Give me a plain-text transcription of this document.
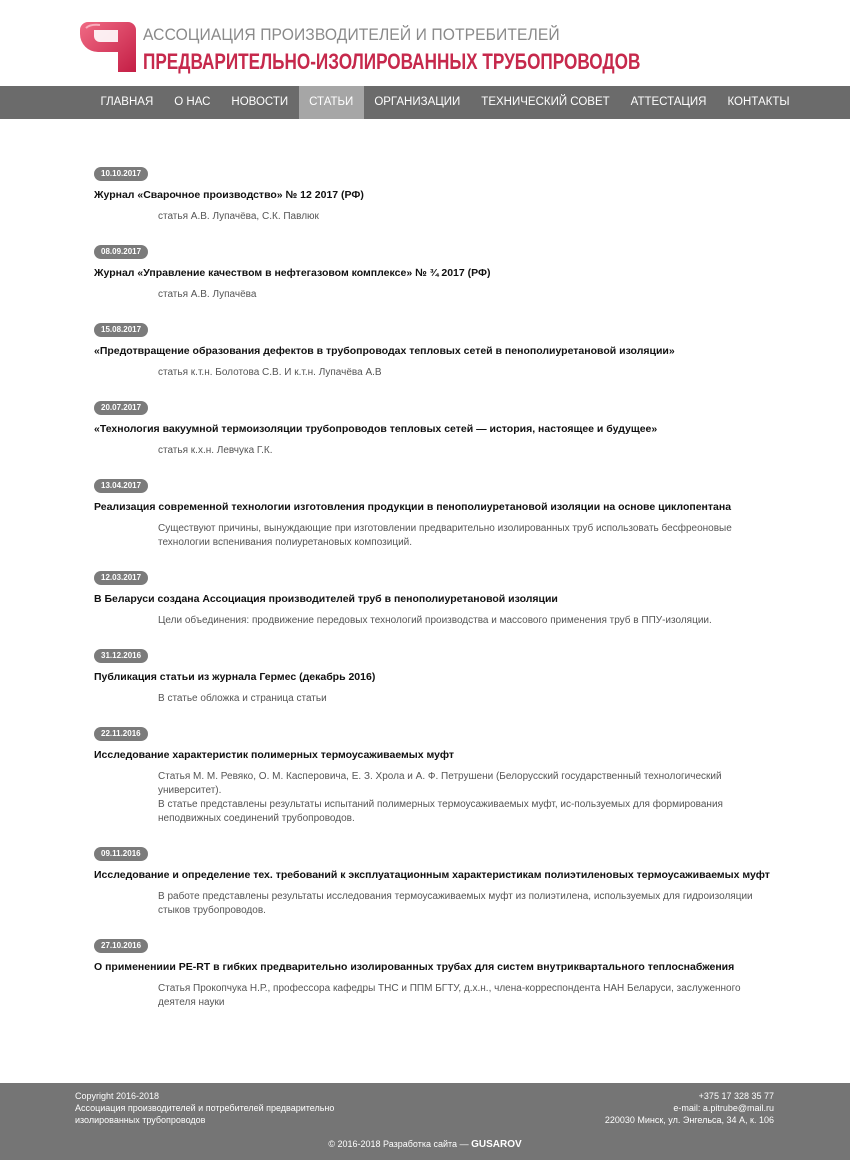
АССОЦИАЦИЯ ПРОИЗВОДИТЕЛЕЙ И ПОТРЕБИТЕЛЕЙ
ПРЕДВАРИТЕЛЬНО-ИЗОЛИРОВАННЫХ ТРУБОПРОВОДОВ
ГЛАВНАЯ	О НАС	НОВОСТИ	СТАТЬИ	ОРГАНИЗАЦИИ	ТЕХНИЧЕСКИЙ СОВЕТ	АТТЕСТАЦИЯ	КОНТАКТЫ
10.10.2017
Журнал «Сварочное производство» № 12 2017 (РФ)
статья А.В. Лупачёва, С.К. Павлюк
08.09.2017
Журнал «Управление качеством в нефтегазовом комплексе» № ¾ 2017 (РФ)
статья А.В. Лупачёва
15.08.2017
«Предотвращение образования дефектов в трубопроводах тепловых сетей в пенополиуретановой изоляции»
статья к.т.н. Болотова С.В. И к.т.н. Лупачёва А.В
20.07.2017
«Технология вакуумной термоизоляции трубопроводов тепловых сетей — история, настоящее и будущее»
статья к.х.н. Левчука Г.К.
13.04.2017
Реализация современной технологии изготовления продукции в пенополиуретановой изоляции на основе циклопентана
Существуют причины, вынуждающие при изготовлении предварительно изолированных труб использовать бесфреоновые
технологии вспенивания полиуретановых композиций.
12.03.2017
В Беларуси создана Ассоциация производителей труб в пенополиуретановой изоляции
Цели объединения: продвижение передовых технологий производства и массового применения труб в ППУ-изоляции.
31.12.2016
Публикация статьи из журнала Гермес (декабрь 2016)
В статье обложка и страница статьи
22.11.2016
Исследование характеристик полимерных термоусаживаемых муфт
Статья М. М. Ревяко, О. М. Касперовича, Е. З. Хрола и А. Ф. Петрушени (Белорусский государственный технологический
университет).
В статье представлены результаты испытаний полимерных термоусаживаемых муфт, ис-пользуемых для формирования
неподвижных соединений трубопроводов.
09.11.2016
Исследование и определение тех. требований к эксплуатационным характеристикам полиэтиленовых термоусаживаемых муфт
В работе представлены результаты исследования термоусаживаемых муфт из полиэтилена, используемых для гидроизоляции
стыков трубопроводов.
27.10.2016
О применениии PE-RT в гибких предварительно изолированных трубах для систем внутриквартального теплоснабжения
Статья Прокопчука Н.Р., профессора кафедры ТНС и ППМ БГТУ, д.х.н., члена-корреспондента НАН Беларуси, заслуженного
деятеля науки
Copyright 2016-2018
Ассоциация производителей и потребителей предварительно
изолированных трубопроводов
+375 17 328 35 77
e-mail: a.pitrube@mail.ru
220030 Минск, ул. Энгельса, 34 А, к. 106
© 2016-2018 Разработка сайта — GUSAROV
